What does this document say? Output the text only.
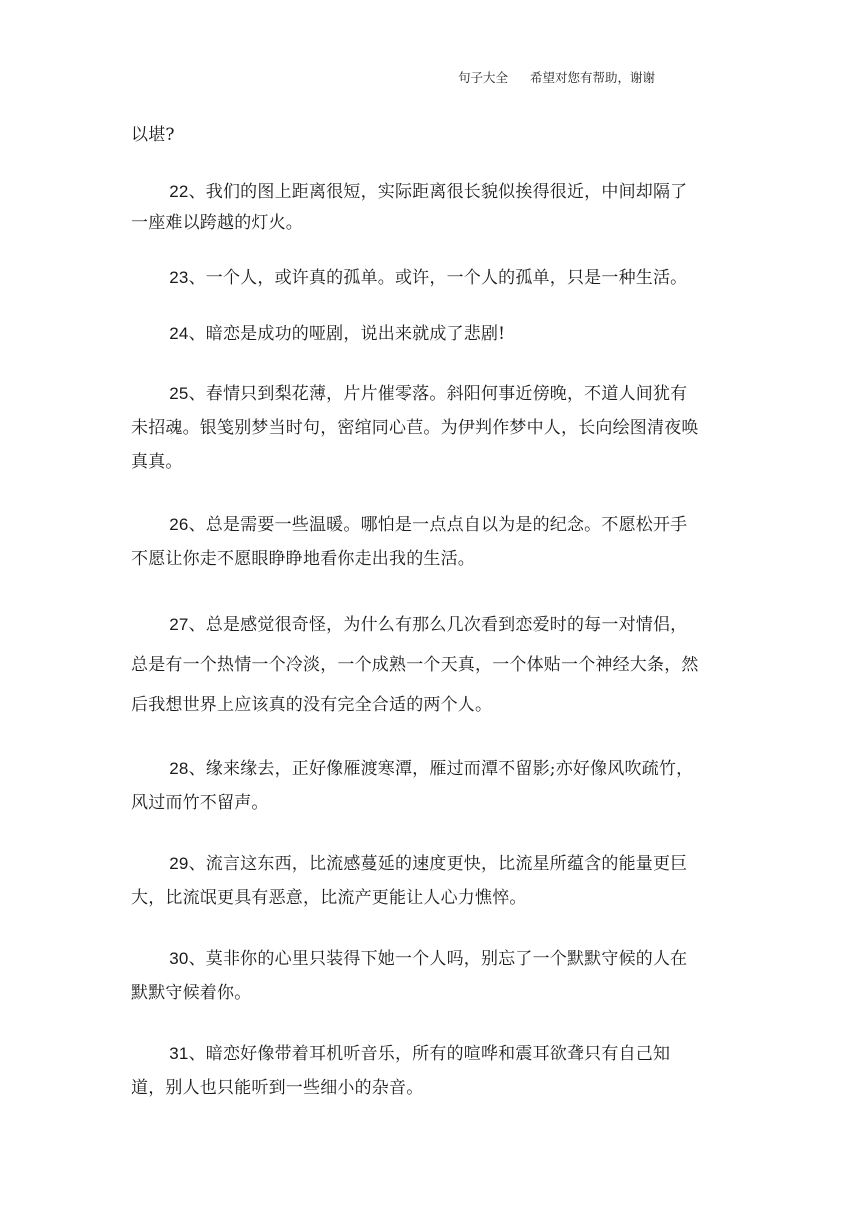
句子大全 希望对您有帮助，谢谢

以堪?

22、我们的图上距离很短，实际距离很长貌似挨得很近，中间却隔了一座难以跨越的灯火。

23、一个人，或许真的孤单。或许，一个人的孤单，只是一种生活。

24、暗恋是成功的哑剧，说出来就成了悲剧!

25、春情只到梨花薄，片片催零落。斜阳何事近傍晚，不道人间犹有未招魂。银笺别梦当时句，密绾同心苣。为伊判作梦中人，长向绘图清夜唤真真。

26、总是需要一些温暖。哪怕是一点点自以为是的纪念。不愿松开手不愿让你走不愿眼睁睁地看你走出我的生活。

27、总是感觉很奇怪，为什么有那么几次看到恋爱时的每一对情侣，总是有一个热情一个冷淡，一个成熟一个天真，一个体贴一个神经大条，然后我想世界上应该真的没有完全合适的两个人。

28、缘来缘去，正好像雁渡寒潭，雁过而潭不留影;亦好像风吹疏竹，风过而竹不留声。

29、流言这东西，比流感蔓延的速度更快，比流星所蕴含的能量更巨大，比流氓更具有恶意，比流产更能让人心力憔悴。

30、莫非你的心里只装得下她一个人吗，别忘了一个默默守候的人在默默守候着你。

31、暗恋好像带着耳机听音乐，所有的喧哗和震耳欲聋只有自己知道，别人也只能听到一些细小的杂音。
